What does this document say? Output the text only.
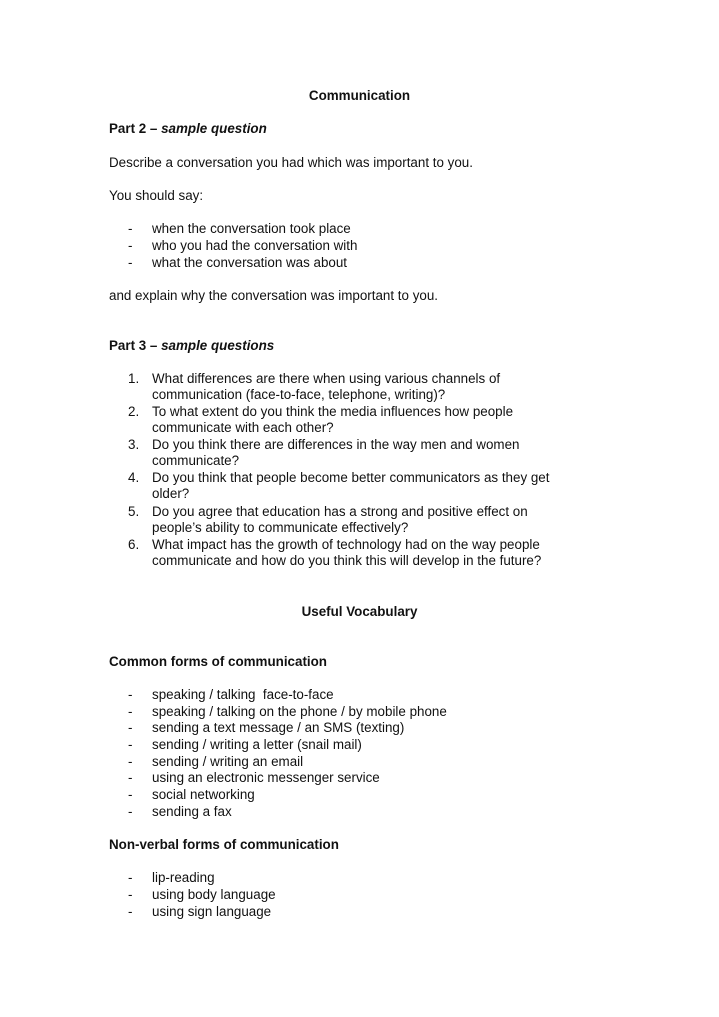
Communication
Part 2 – sample question
Describe a conversation you had which was important to you.
You should say:
- when the conversation took place
- who you had the conversation with
- what the conversation was about
and explain why the conversation was important to you.
Part 3 – sample questions
1. What differences are there when using various channels of
communication (face-to-face, telephone, writing)?
2. To what extent do you think the media influences how people
communicate with each other?
3. Do you think there are differences in the way men and women
communicate?
4. Do you think that people become better communicators as they get
older?
5. Do you agree that education has a strong and positive effect on
people’s ability to communicate effectively?
6. What impact has the growth of technology had on the way people
communicate and how do you think this will develop in the future?
Useful Vocabulary
Common forms of communication
- speaking / talking  face-to-face
- speaking / talking on the phone / by mobile phone
- sending a text message / an SMS (texting)
- sending / writing a letter (snail mail)
- sending / writing an email
- using an electronic messenger service
- social networking
- sending a fax
Non-verbal forms of communication
- lip-reading
- using body language
- using sign language
